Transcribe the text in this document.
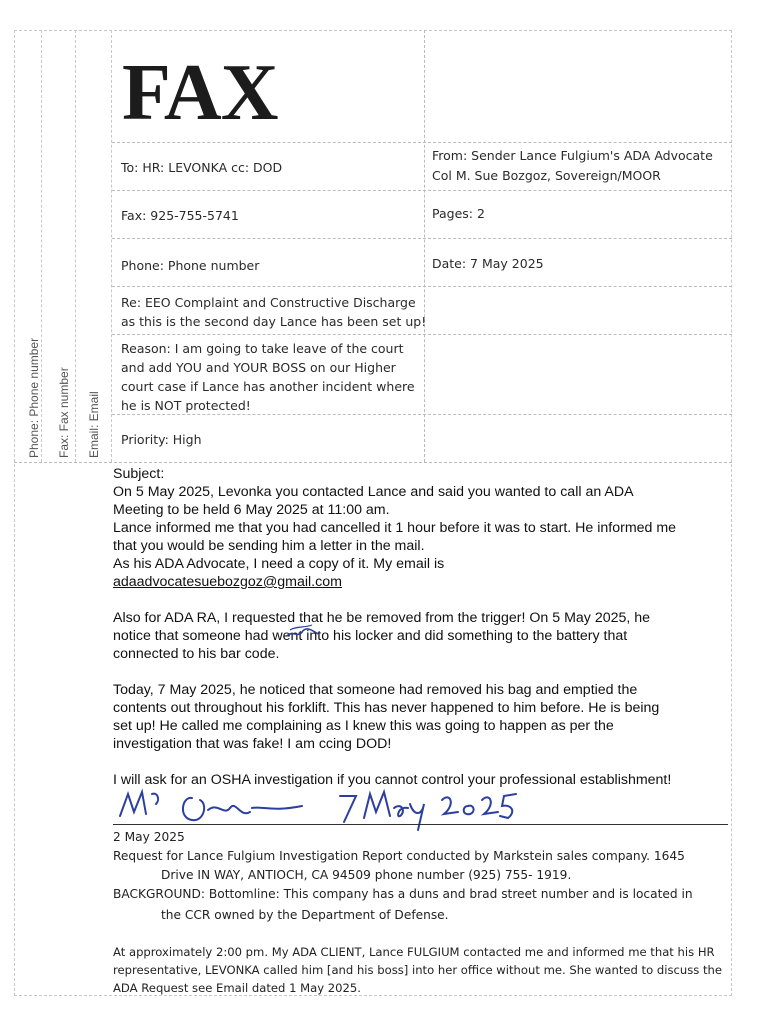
Phone: Phone number Fax: Fax number Email: Email
FAX
To: HR: LEVONKA cc: DOD
From: Sender Lance Fulgium's ADA Advocate
Col M. Sue Bozgoz, Sovereign/MOOR
Fax: 925-755-5741	Pages: 2
Phone: Phone number	Date: 7 May 2025
Re: EEO Complaint and Constructive Discharge
as this is the second day Lance has been set up!
Reason: I am going to take leave of the court
and add YOU and YOUR BOSS on our Higher
court case if Lance has another incident where
he is NOT protected!
Priority: High
Subject:
On 5 May 2025, Levonka you contacted Lance and said you wanted to call an ADA
Meeting to be held 6 May 2025 at 11:00 am.
Lance informed me that you had cancelled it 1 hour before it was to start. He informed me
that you would be sending him a letter in the mail.
As his ADA Advocate, I need a copy of it. My email is
adaadvocatesuebozgoz@gmail.com
Also for ADA RA, I requested that he be removed from the trigger! On 5 May 2025, he
notice that someone had went into his locker and did something to the battery that
connected to his bar code.
Today, 7 May 2025, he noticed that someone had removed his bag and emptied the
contents out throughout his forklift. This has never happened to him before. He is being
set up! He called me complaining as I knew this was going to happen as per the
investigation that was fake! I am ccing DOD!
I will ask for an OSHA investigation if you cannot control your professional establishment!
2 May 2025
Request for Lance Fulgium Investigation Report conducted by Markstein sales company. 1645
Drive IN WAY, ANTIOCH, CA 94509 phone number (925) 755- 1919.
BACKGROUND: Bottomline: This company has a duns and brad street number and is located in
the CCR owned by the Department of Defense.
At approximately 2:00 pm. My ADA CLIENT, Lance FULGIUM contacted me and informed me that his HR
representative, LEVONKA called him [and his boss] into her office without me. She wanted to discuss the
ADA Request see Email dated 1 May 2025.
